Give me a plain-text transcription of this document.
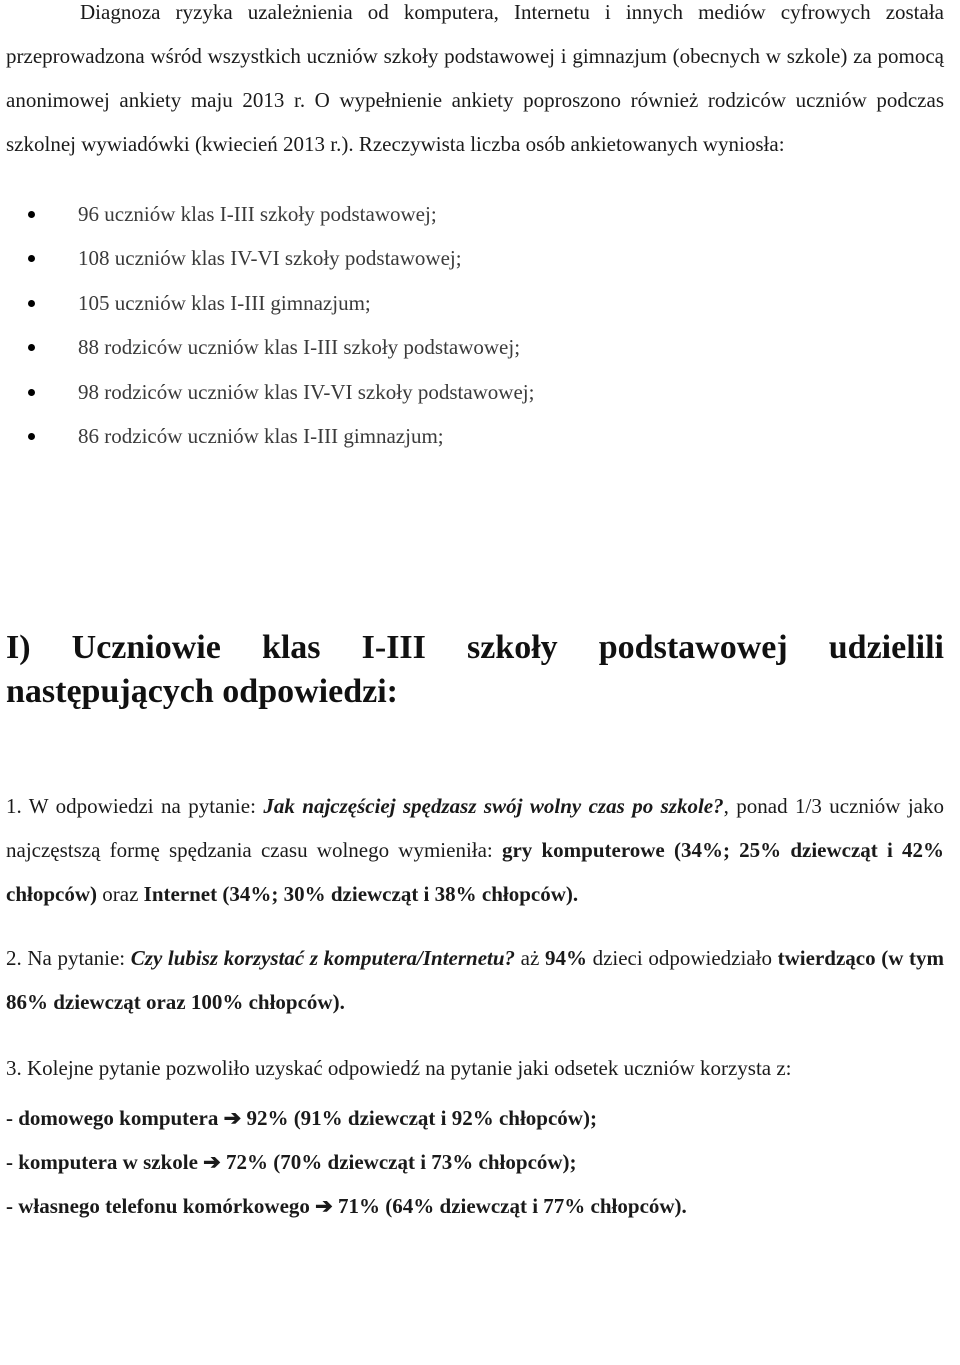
Diagnoza ryzyka uzależnienia od komputera, Internetu i innych mediów cyfrowych została przeprowadzona wśród wszystkich uczniów szkoły podstawowej i gimnazjum (obecnych w szkole) za pomocą anonimowej ankiety maju 2013 r. O wypełnienie ankiety poproszono również rodziców uczniów podczas szkolnej wywiadówki (kwiecień 2013 r.). Rzeczywista liczba osób ankietowanych wyniosła:

96 uczniów klas I-III szkoły podstawowej;
108 uczniów klas IV-VI szkoły podstawowej;
105 uczniów klas I-III gimnazjum;
88 rodziców uczniów klas I-III szkoły podstawowej;
98 rodziców uczniów klas IV-VI szkoły podstawowej;
86 rodziców uczniów klas I-III gimnazjum;
I) Uczniowie klas I-III szkoły podstawowej udzielili
następujących odpowiedzi:

1. W odpowiedzi na pytanie: Jak najczęściej spędzasz swój wolny czas po szkole?, ponad 1/3 uczniów jako najczęstszą formę spędzania czasu wolnego wymieniła: gry komputerowe (34%; 25% dziewcząt i 42% chłopców) oraz Internet (34%; 30% dziewcząt i 38% chłopców).

2. Na pytanie: Czy lubisz korzystać z komputera/Internetu? aż 94% dzieci odpowiedziało twierdząco (w tym 86% dziewcząt oraz 100% chłopców).

3. Kolejne pytanie pozwoliło uzyskać odpowiedź na pytanie jaki odsetek uczniów korzysta z:

- domowego komputera ➔ 92% (91% dziewcząt i 92% chłopców);

- komputera w szkole ➔ 72% (70% dziewcząt i 73% chłopców);

- własnego telefonu komórkowego ➔ 71% (64% dziewcząt i 77% chłopców).
